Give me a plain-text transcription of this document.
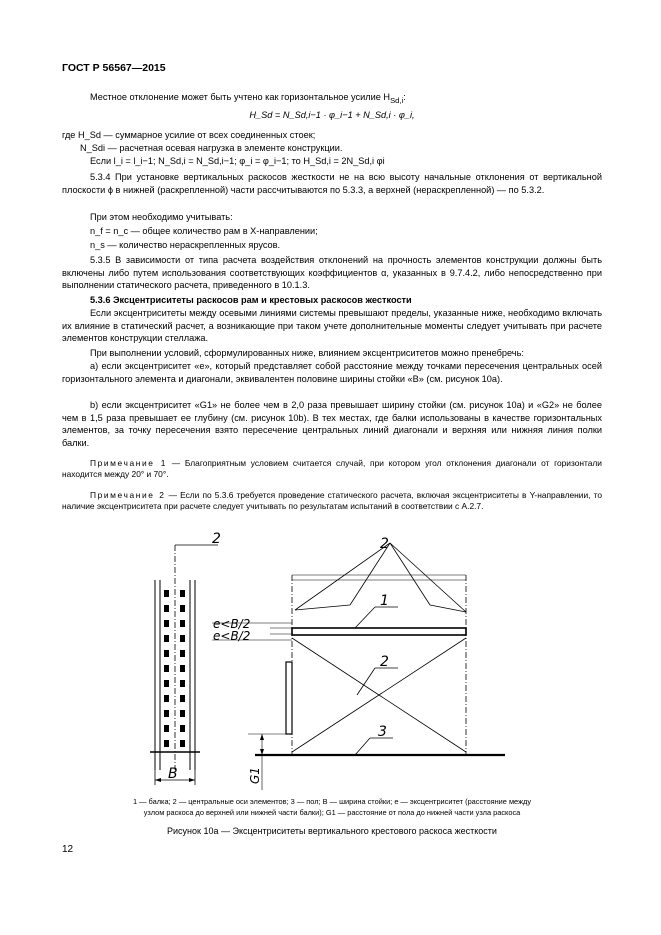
ГОСТ Р 56567—2015
Местное отклонение может быть учтено как горизонтальное усилие $H_{Sd,i}$:
H_Sd = N_Sd,i−1 · φ_i−1 + N_Sd,i · φ_i,
где H_Sd — суммарное усилие от всех соединенных стоек;
N_Sdi — расчетная осевая нагрузка в элементе конструкции.
Если l_i = l_i−1; N_Sd,i = N_Sd,i−1; φ_i = φ_i−1; то H_Sd,i = 2N_Sd,i φi
5.3.4 При установке вертикальных раскосов жесткости не на всю высоту начальные отклонения от вертикальной плоскости ϕ в нижней (раскрепленной) части рассчитываются по 5.3.3, а верхней (нераскрепленной) — по 5.3.2.
При этом необходимо учитывать:
n_f = n_c — общее количество рам в X-направлении;
n_s — количество нераскрепленных ярусов.
5.3.5 В зависимости от типа расчета воздействия отклонений на прочность элементов конструкции должны быть включены либо путем использования соответствующих коэффициентов α, указанных в 9.7.4.2, либо непосредственно при выполнении статического расчета, приведенного в 10.1.3.
5.3.6 Эксцентриситеты раскосов рам и крестовых раскосов жесткости
Если эксцентриситеты между осевыми линиями системы превышают пределы, указанные ниже, необходимо включать их влияние в статический расчет, а возникающие при таком учете дополнительные моменты следует учитывать при расчете элементов конструкции стеллажа.
При выполнении условий, сформулированных ниже, влиянием эксцентриситетов можно пренебречь:
а) если эксцентриситет «e», который представляет собой расстояние между точками пересечения центральных осей горизонтального элемента и диагонали, эквивалентен половине ширины стойки «B» (см. рисунок 10а).
b) если эксцентриситет «G1» не более чем в 2,0 раза превышает ширину стойки (см. рисунок 10а) и «G2» не более чем в 1,5 раза превышает ее глубину (см. рисунок 10b). В тех местах, где балки использованы в качестве горизонтальных элементов, за точку пересечения взято пересечение центральных линий диагонали и верхняя или нижняя линия полки балки.
Примечание 1 — Благоприятным условием считается случай, при котором угол отклонения диагонали от горизонтали находится между 20° и 70°.
Примечание 2 — Если по 5.3.6 требуется проведение статического расчета, включая эксцентриситеты в Y-направлении, то наличие эксцентриситета при расчете следует учитывать по результатам испытаний в соответствии с А.2.7.
2
B
2
1
2
3
e<B/2
e<B/2
G1
1 — балка; 2 — центральные оси элементов; 3 — пол; B — ширина стойки; e — эксцентриситет (расстояние между
узлом раскоса до верхней или нижней части балки); G1 — расстояние от пола до нижней части узла раскоса
Рисунок 10а — Эксцентриситеты вертикального крестового раскоса жесткости
12
